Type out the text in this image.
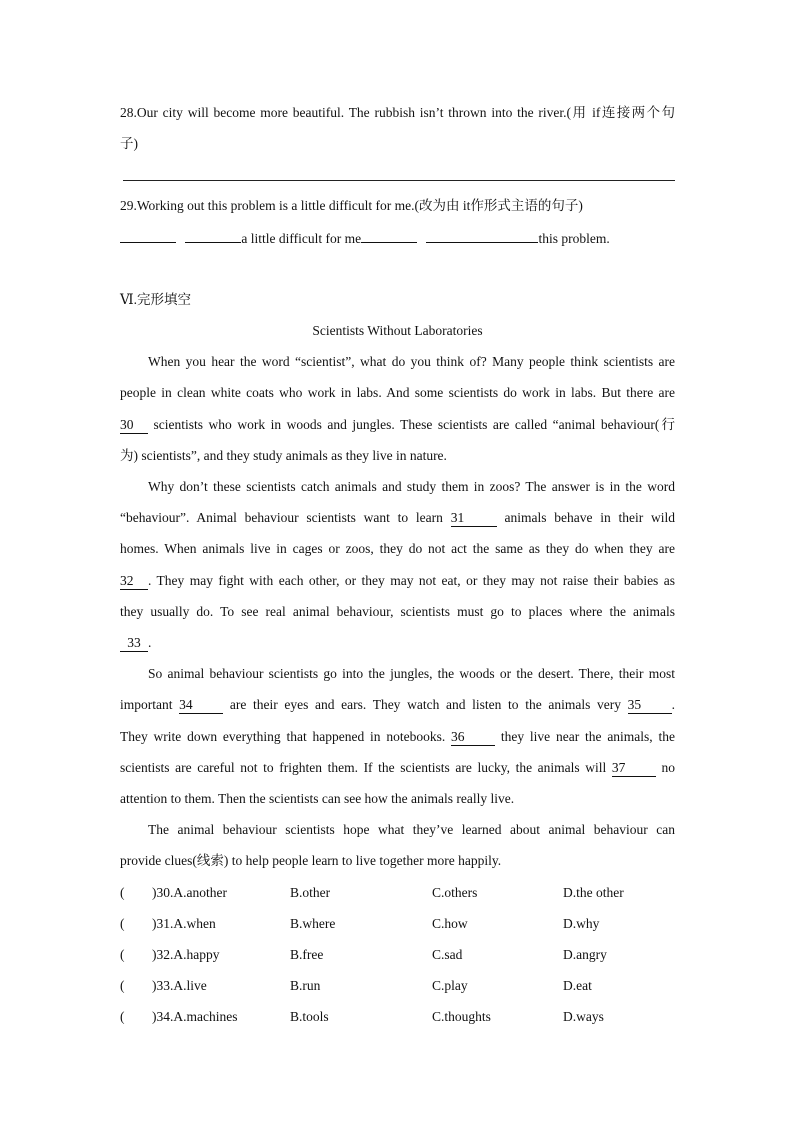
28.Our city will become more beautiful. The rubbish isn’t thrown into the river.(用 if连接两个句
子)
29.Working out this problem is a little difficult for me.(改为由 it作形式主语的句子)
a little difficult for me	this problem.
Ⅵ.完形填空
Scientists Without Laboratories
When you hear the word “scientist”, what do you think of? Many people think scientists are
people in clean white coats who work in labs. And some scientists do work in labs. But there are
30 scientists who work in woods and jungles. These scientists are called “animal behaviour(行
为) scientists”, and they study animals as they live in nature.
Why don’t these scientists catch animals and study them in zoos? The answer is in the word
“behaviour”. Animal behaviour scientists want to learn 31	animals behave in their wild
homes. When animals live in cages or zoos, they do not act the same as they do when they are
32 . They may fight with each other, or they may not eat, or they may not raise their babies as
they usually do. To see real animal behaviour, scientists must go to places where the animals
33 .
So animal behaviour scientists go into the jungles, the woods or the desert. There, their most
important 34	are their eyes and ears. They watch and listen to the animals very 35 .
They write down everything that happened in notebooks. 36	they live near the animals, the
scientists are careful not to frighten them. If the scientists are lucky, the animals will 37	no
attention to them. Then the scientists can see how the animals really live.
The animal behaviour scientists hope what they’ve learned about animal behaviour can
provide clues(线索) to help people learn to live together more happily.
( )30.A.another	B.other	C.others	D.the other
( )31.A.when	B.where	C.how	D.why
( )32.A.happy	B.free	C.sad	D.angry
( )33.A.live	B.run	C.play	D.eat
( )34.A.machines	B.tools	C.thoughts	D.ways
